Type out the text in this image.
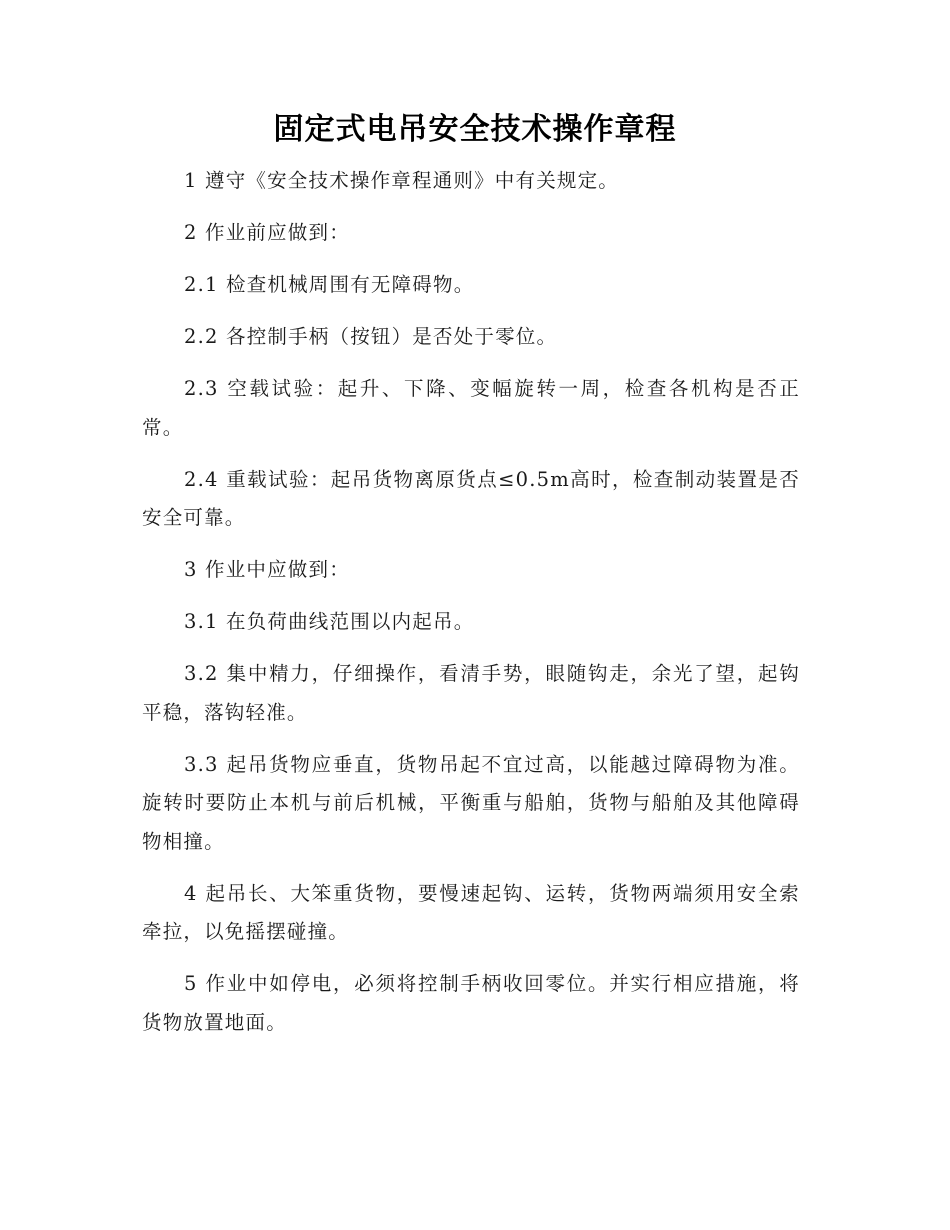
固定式电吊安全技术操作章程

1 遵守《安全技术操作章程通则》中有关规定。

2 作业前应做到：

2.1 检查机械周围有无障碍物。

2.2 各控制手柄（按钮）是否处于零位。

2.3 空载试验：起升、下降、变幅旋转一周，检查各机构是否正常。

2.4 重载试验：起吊货物离原货点≤0.5m高时，检查制动装置是否安全可靠。

3 作业中应做到：

3.1 在负荷曲线范围以内起吊。

3.2 集中精力，仔细操作，看清手势，眼随钩走，余光了望，起钩平稳，落钩轻准。

3.3 起吊货物应垂直，货物吊起不宜过高，以能越过障碍物为准。旋转时要防止本机与前后机械，平衡重与船舶，货物与船舶及其他障碍物相撞。

4 起吊长、大笨重货物，要慢速起钩、运转，货物两端须用安全索牵拉，以免摇摆碰撞。

5 作业中如停电，必须将控制手柄收回零位。并实行相应措施，将货物放置地面。
